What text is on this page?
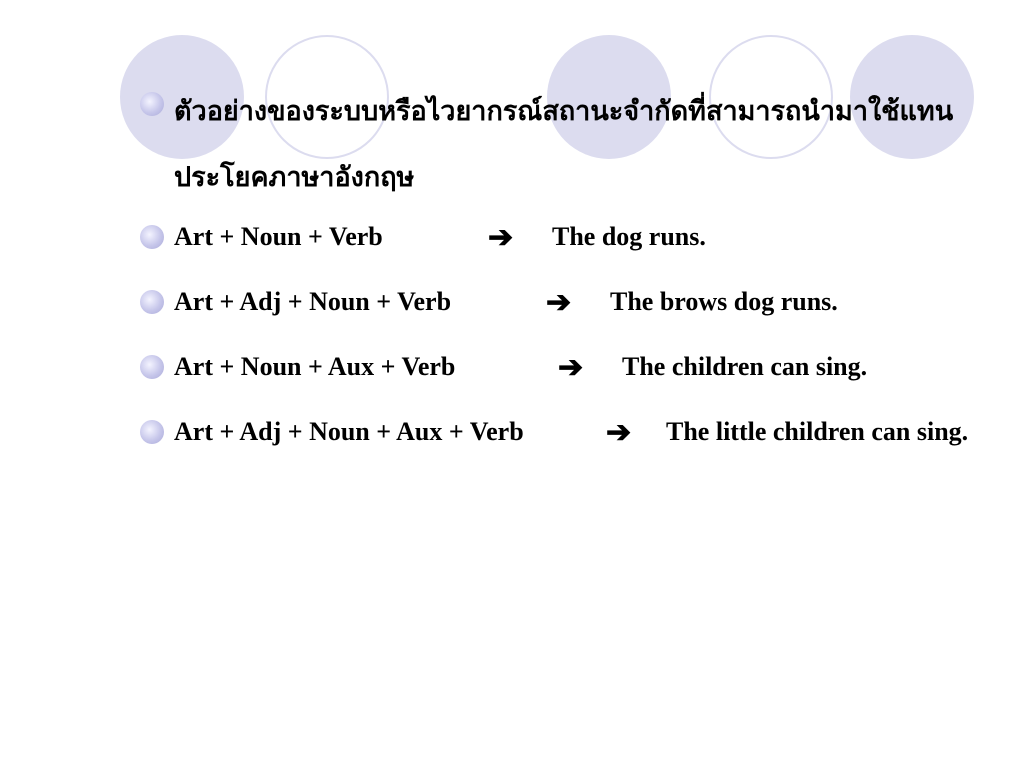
ตัวอย่างของระบบหรือไวยากรณ์สถานะจำกัดที่สามารถนำมาใช้แทนประโยคภาษาอังกฤษ
Art + Noun + Verb	➔ The dog runs.
Art + Adj + Noun + Verb	➔ The brows dog runs.
Art + Noun + Aux + Verb	➔ The children can sing.
Art + Adj + Noun + Aux + Verb	➔ The little children can sing.
